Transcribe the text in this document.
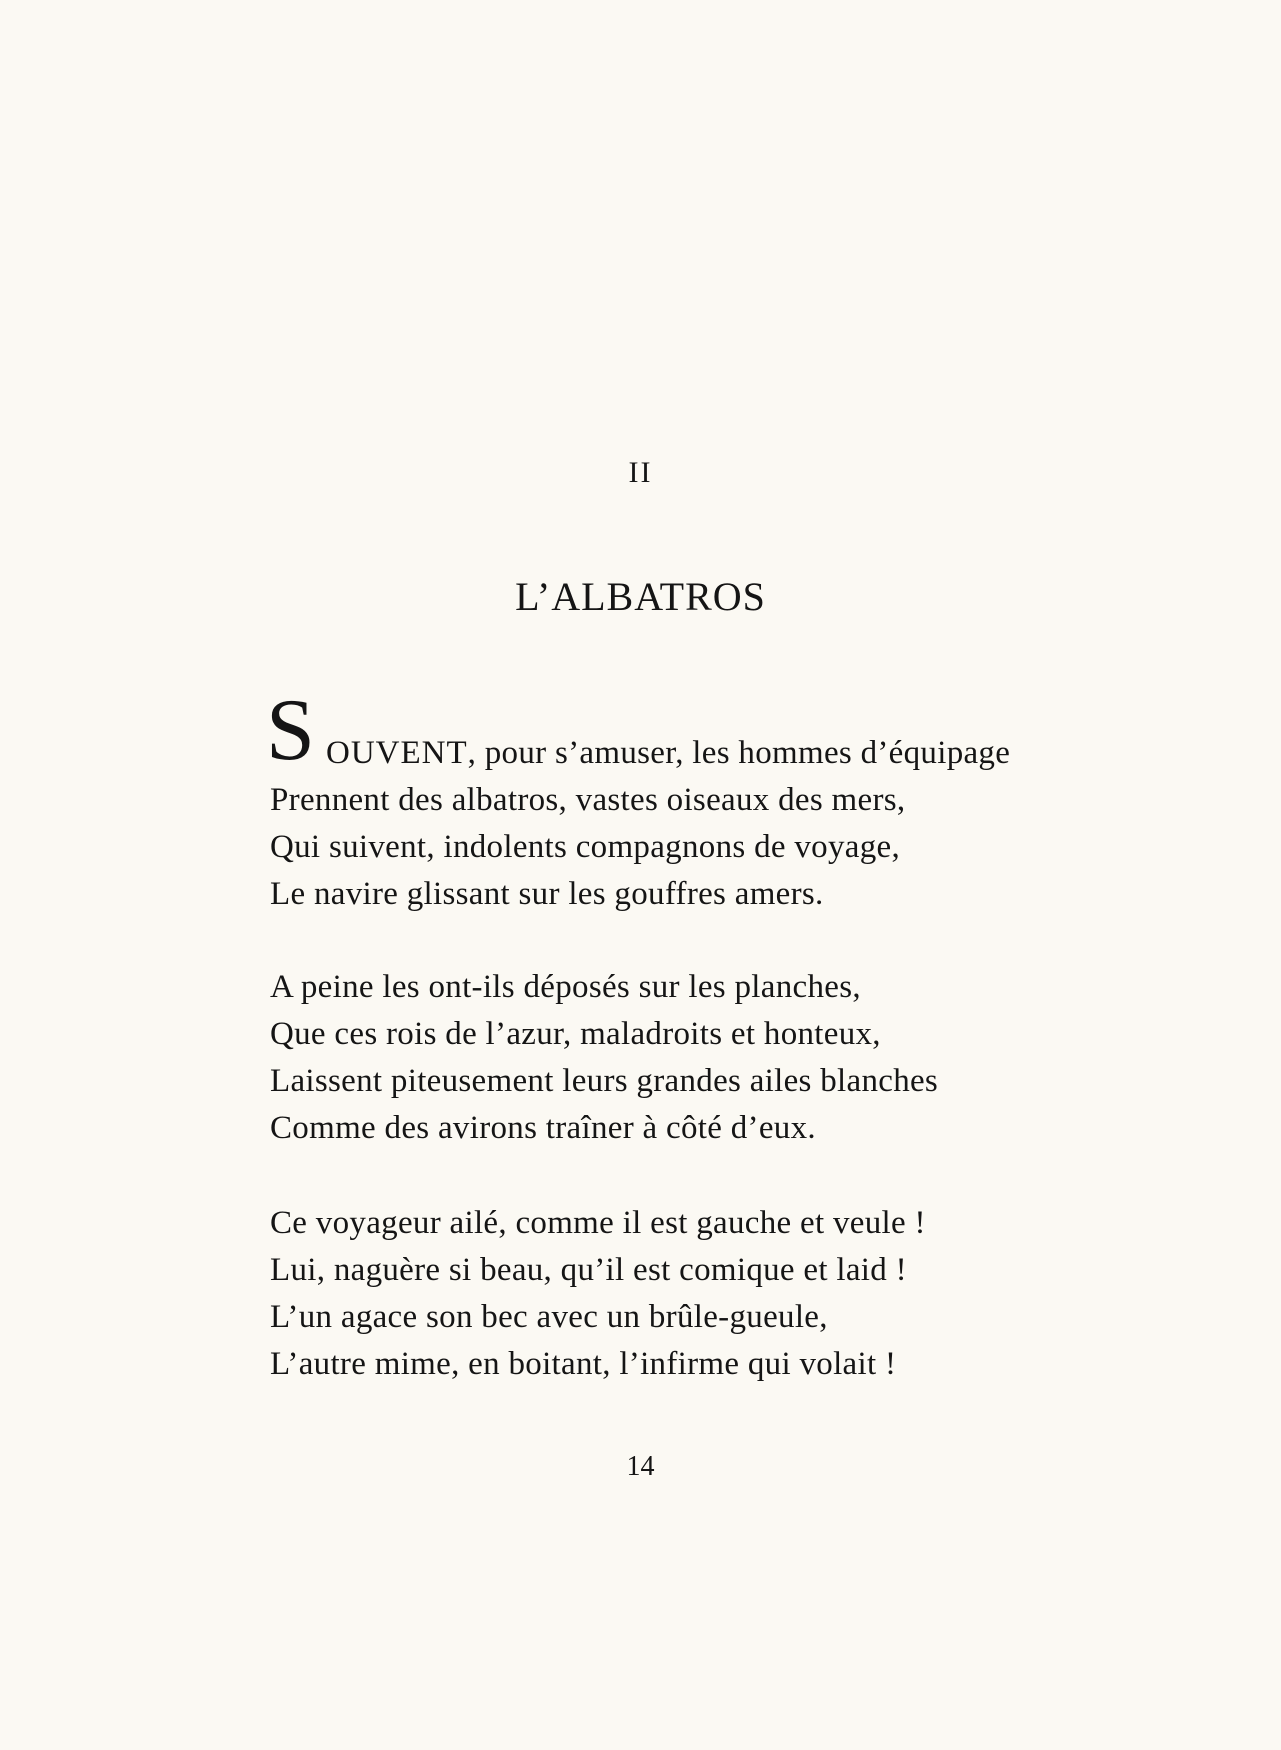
II
L’ALBATROS
S OUVENT, pour s’amuser, les hommes d’équipage
Prennent des albatros, vastes oiseaux des mers,
Qui suivent, indolents compagnons de voyage,
Le navire glissant sur les gouffres amers.
A peine les ont-ils déposés sur les planches,
Que ces rois de l’azur, maladroits et honteux,
Laissent piteusement leurs grandes ailes blanches
Comme des avirons traîner à côté d’eux.
Ce voyageur ailé, comme il est gauche et veule !
Lui, naguère si beau, qu’il est comique et laid !
L’un agace son bec avec un brûle-gueule,
L’autre mime, en boitant, l’infirme qui volait !
14
